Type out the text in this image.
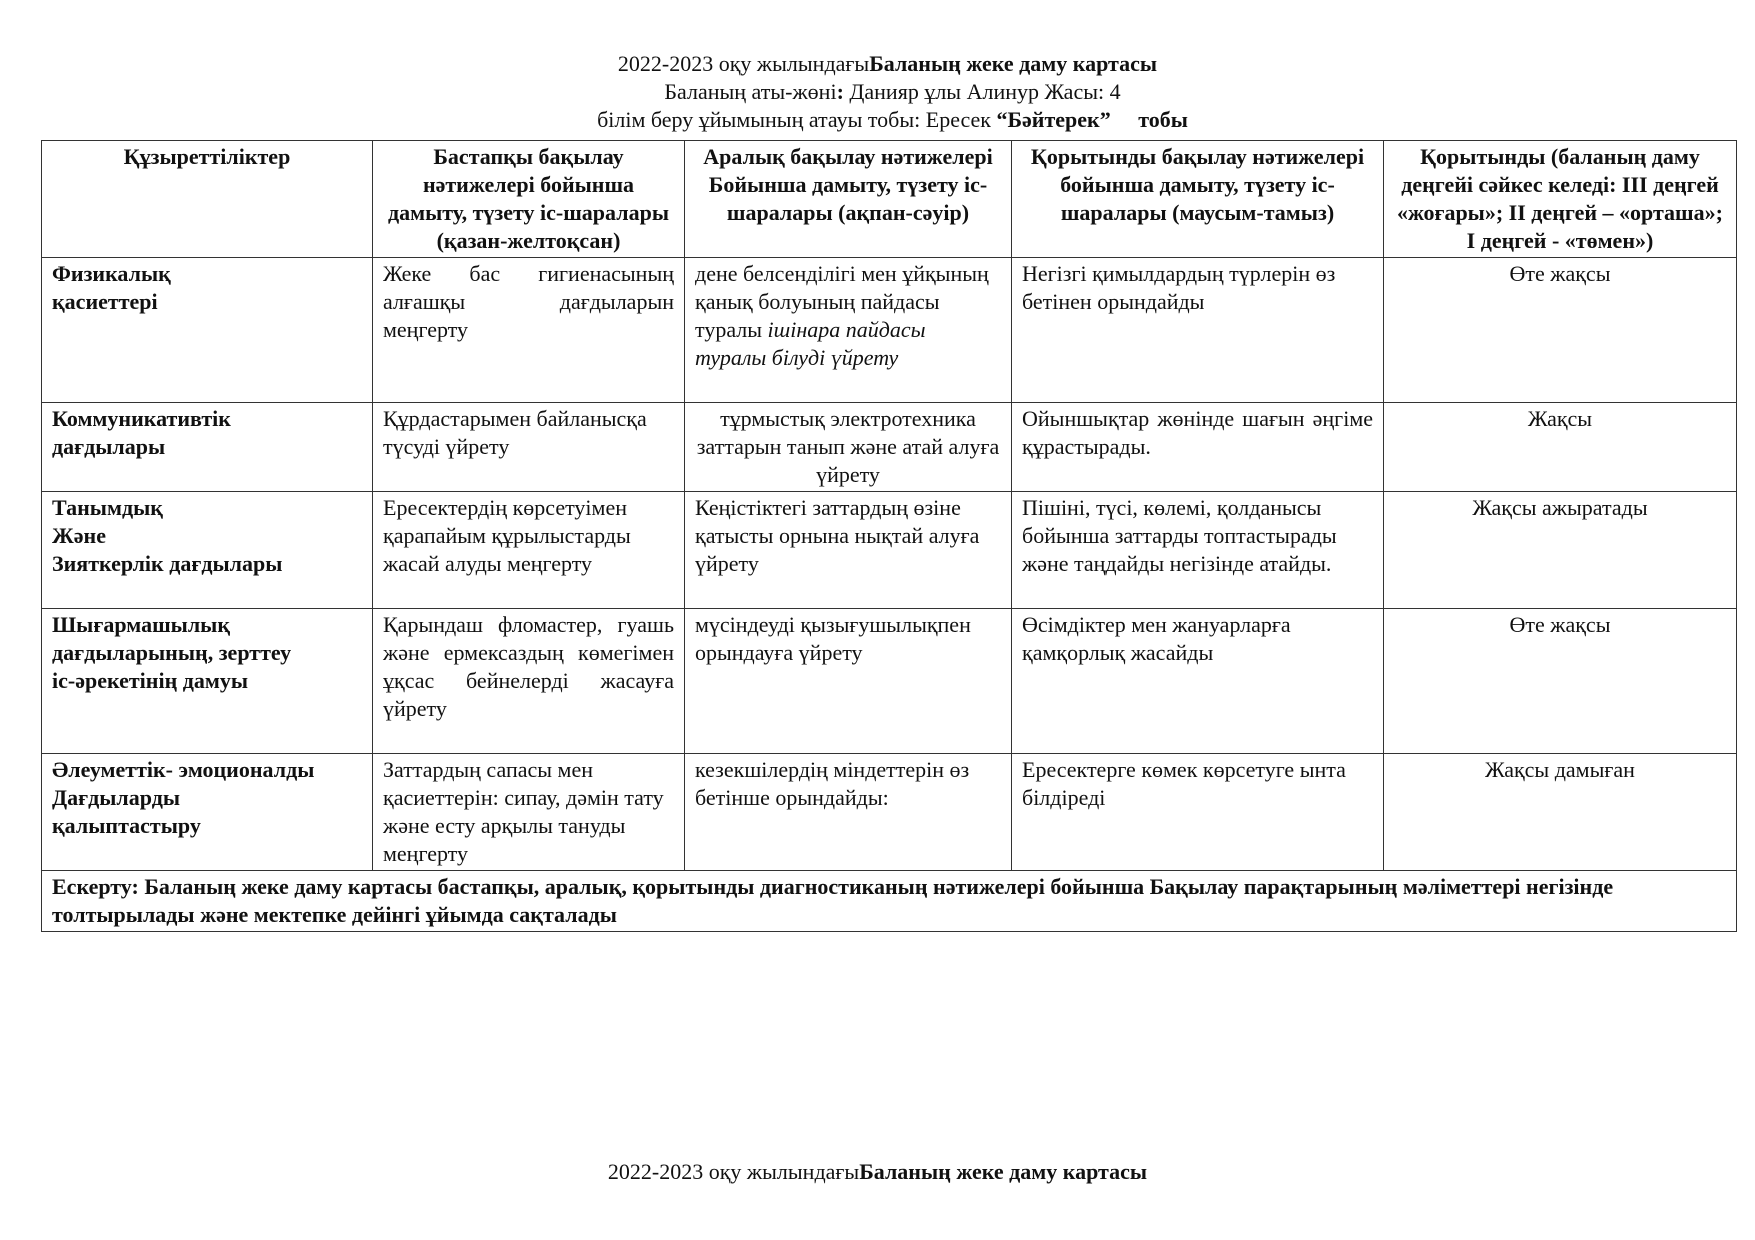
2022-2023 оқу жылындағыБаланың жеке даму картасы
Баланың аты-жөні: Данияр ұлы Алинур Жасы: 4
білім беру ұйымының атауы тобы: Ересек “Бәйтерек” тобы
Құзыреттіліктер	Бастапқы бақылау нәтижелері бойынша дамыту, түзету іс-шаралары (қазан-желтоқсан)	Аралық бақылау нәтижелері Бойынша дамыту, түзету іс-шаралары (ақпан-сәуір)	Қорытынды бақылау нәтижелері бойынша дамыту, түзету іс-шаралары (маусым-тамыз)	Қорытынды (баланың даму деңгейі сәйкес келеді: ІІІ деңгей «жоғары»; ІІ деңгей – «орташа»; І деңгей - «төмен»)

Физикалық
қасиеттері	Жеке бас гигиенасының алғашқы дағдыларын меңгерту	дене белсенділігі мен ұйқының қанық болуының пайдасы туралы ішінара пайдасы туралы білуді үйрету	Негізгі қимылдардың түрлерін өз бетінен орындайды	Өте жақсы

Коммуникативтік
дағдылары	Құрдастарымен байланысқа түсуді үйрету	тұрмыстық электротехника заттарын танып және атай алуға үйрету	Ойыншықтар жөнінде шағын әңгіме құрастырады.	Жақсы

Танымдық
Және
Зияткерлік дағдылары	Ересектердің көрсетуімен қарапайым құрылыстарды жасай алуды меңгерту	Кеңістіктегі заттардың өзіне қатысты орнына нықтай алуға үйрету	Пішіні, түсі, көлемі, қолданысы бойынша заттарды топтастырады және таңдайды негізінде атайды.	Жақсы ажыратады

Шығармашылық
дағдыларының, зерттеу
іс-әрекетінің дамуы	Қарындаш фломастер, гуашь және ермексаздың көмегімен ұқсас бейнелерді жасауға үйрету	мүсіндеуді қызығушылықпен орындауға үйрету	Өсімдіктер мен жануарларға қамқорлық жасайды	Өте жақсы

Әлеуметтік- эмоционалды
Дағдыларды
қалыптастыру	Заттардың сапасы мен қасиеттерін: сипау, дәмін тату және есту арқылы тануды меңгерту	кезекшілердің міндеттерін өз бетінше орындайды:	Ересектерге көмек көрсетуге ынта білдіреді	Жақсы дамыған
Ескерту: Баланың жеке даму картасы бастапқы, аралық, қорытынды диагностиканың нәтижелері бойынша Бақылау парақтарының мәліметтері негізінде толтырылады және мектепке дейінгі ұйымда сақталады				
2022-2023 оқу жылындағыБаланың жеке даму картасы
